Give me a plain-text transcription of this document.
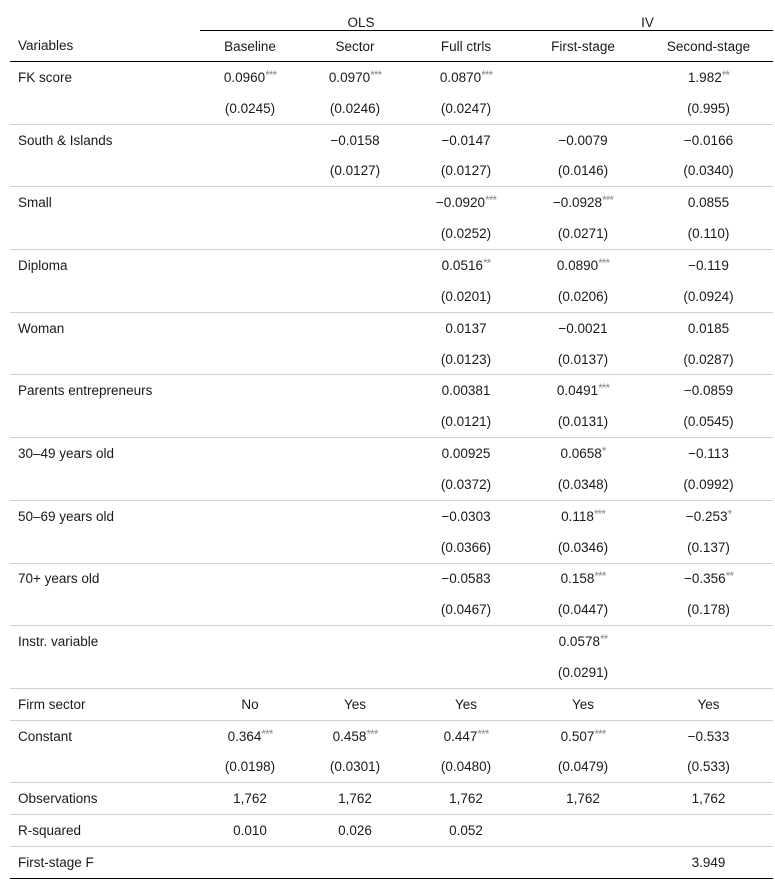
	OLS			IV	
Variables	Baseline	Sector	Full ctrls	First-stage	Second-stage
FK score	0.0960***	0.0970***	0.0870***		1.982**
	(0.0245)	(0.0246)	(0.0247)		(0.995)
South & Islands		−0.0158	−0.0147	−0.0079	−0.0166
		(0.0127)	(0.0127)	(0.0146)	(0.0340)
Small			−0.0920***	−0.0928***	0.0855
			(0.0252)	(0.0271)	(0.110)
Diploma			0.0516**	0.0890***	−0.119
			(0.0201)	(0.0206)	(0.0924)
Woman			0.0137	−0.0021	0.0185
			(0.0123)	(0.0137)	(0.0287)
Parents entrepreneurs			0.00381	0.0491***	−0.0859
			(0.0121)	(0.0131)	(0.0545)
30–49 years old			0.00925	0.0658*	−0.113
			(0.0372)	(0.0348)	(0.0992)
50–69 years old			−0.0303	0.118***	−0.253*
			(0.0366)	(0.0346)	(0.137)
70+ years old			−0.0583	0.158***	−0.356**
			(0.0467)	(0.0447)	(0.178)
Instr. variable				0.0578**	
				(0.0291)	
Firm sector	No	Yes	Yes	Yes	Yes
Constant	0.364***	0.458***	0.447***	0.507***	−0.533
	(0.0198)	(0.0301)	(0.0480)	(0.0479)	(0.533)
Observations	1,762	1,762	1,762	1,762	1,762
R-squared	0.010	0.026	0.052		
First-stage F					3.949
